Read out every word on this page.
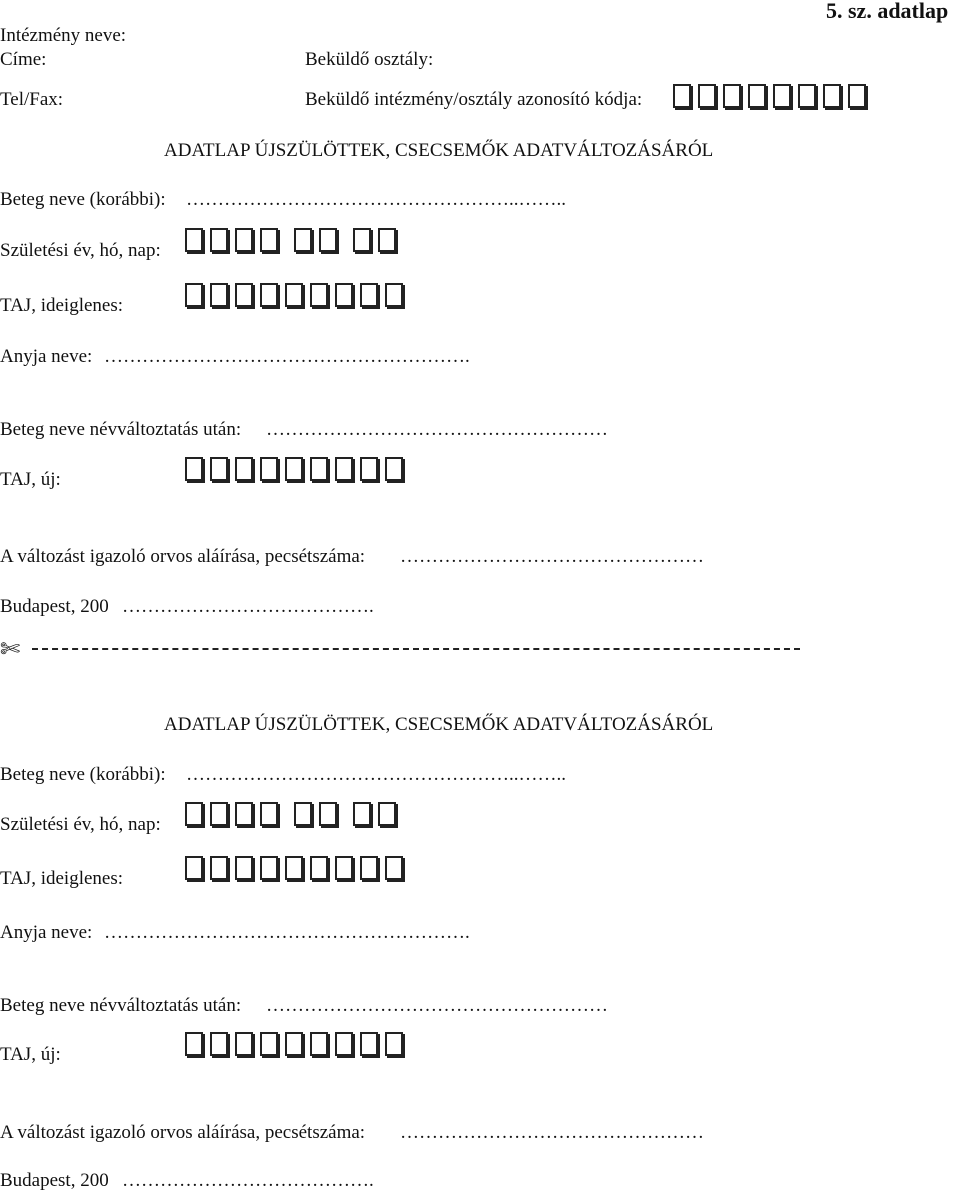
Intézmény neve:
5. sz. adatlap
Címe:	Beküldő osztály:
Tel/Fax:	Beküldő intézmény/osztály azonosító kódja:
ADATLAP ÚJSZÜLÖTTEK, CSECSEMŐK ADATVÁLTOZÁSÁRÓL
Beteg neve (korábbi): ……………………………………………..……..
Születési év, hó, nap:
TAJ, ideiglenes:
Anyja neve: ………………………………………………….
Beteg neve névváltoztatás után: ………………………………………………
TAJ, új:
A változást igazoló orvos aláírása, pecsétszáma: …………………………………………
Budapest, 200 ………………………………….
✄
ADATLAP ÚJSZÜLÖTTEK, CSECSEMŐK ADATVÁLTOZÁSÁRÓL
Beteg neve (korábbi): ……………………………………………..……..
Születési év, hó, nap:
TAJ, ideiglenes:
Anyja neve: ………………………………………………….
Beteg neve névváltoztatás után: ………………………………………………
TAJ, új:
A változást igazoló orvos aláírása, pecsétszáma: …………………………………………
Budapest, 200 ………………………………….
